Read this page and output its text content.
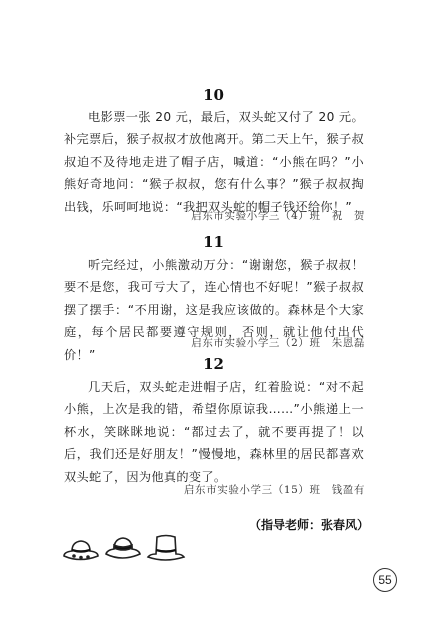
10
电影票一张 20 元，最后，双头蛇又付了 20 元。补完票后，猴子叔叔才放他离开。第二天上午，猴子叔叔迫不及待地走进了帽子店，喊道：“小熊在吗？”小熊好奇地问：“猴子叔叔，您有什么事？”猴子叔叔掏出钱，乐呵呵地说：“我把双头蛇的帽子钱还给你！”
启东市实验小学三（4）班　祝　贺
11
听完经过，小熊激动万分：“谢谢您，猴子叔叔！要不是您，我可亏大了，连心情也不好呢！”猴子叔叔摆了摆手：“不用谢，这是我应该做的。森林是个大家庭，每个居民都要遵守规则，否则，就让他付出代价！”
启东市实验小学三（2）班　朱恩磊
12
几天后，双头蛇走进帽子店，红着脸说：“对不起小熊，上次是我的错，希望你原谅我……”小熊递上一杯水，笑眯眯地说：“都过去了，就不要再提了！以后，我们还是好朋友！”慢慢地，森林里的居民都喜欢双头蛇了，因为他真的变了。
启东市实验小学三（15）班　钱盈有
（指导老师：张春风）
55
